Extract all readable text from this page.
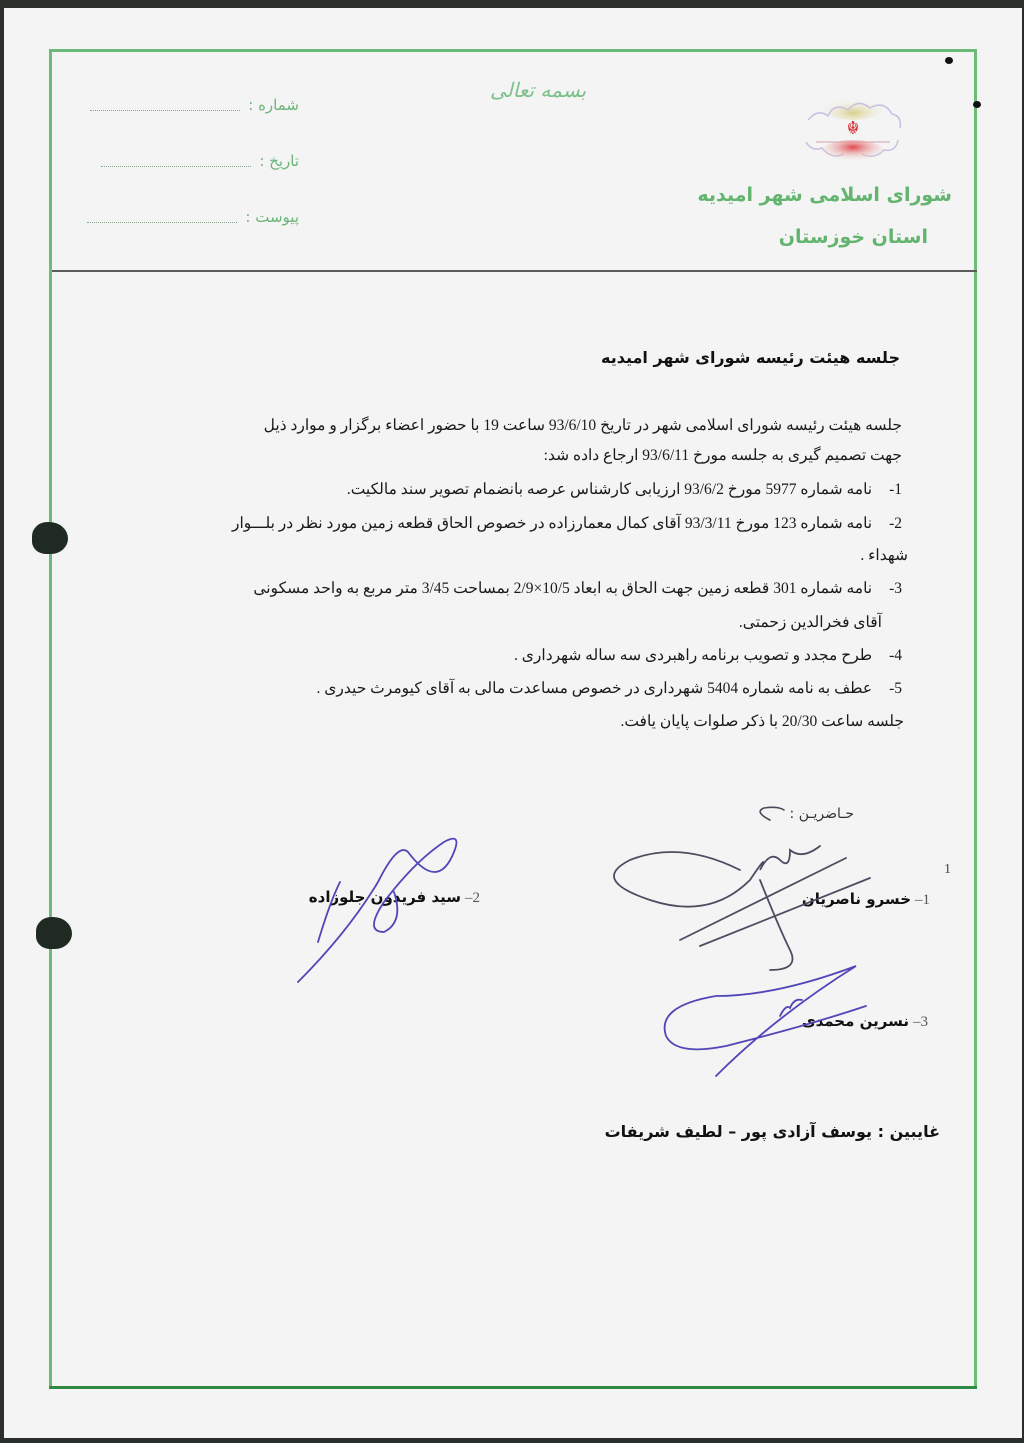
بسمه تعالی
شماره :
تاریخ :
پیوست :
☬
شورای اسلامی شهر امیدیه
استان خوزستان
جلسه هیئت رئیسه شورای شهر امیدیه
جلسه هیئت رئیسه شورای اسلامی شهر در تاریخ 93/6/10 ساعت 19 با حضور اعضاء برگزار و موارد ذیل
جهت تصمیم گیری به جلسه مورخ 93/6/11 ارجاع داده شد:
1- نامه شماره 5977 مورخ 93/6/2 ارزیابی کارشناس عرصه بانضمام تصویر سند مالکیت.
2- نامه شماره 123 مورخ 93/3/11 آقای کمال معمارزاده در خصوص الحاق قطعه زمین مورد نظر در بلـــوار
شهداء .
3- نامه شماره 301 قطعه زمین جهت الحاق به ابعاد 10/5×2/9 بمساحت 3/45 متر مربع به واحد مسکونی
آقای فخرالدین زحمتی.
4- طرح مجدد و تصویب برنامه راهبردی سه ساله شهرداری .
5- عطف به نامه شماره 5404 شهرداری در خصوص مساعدت مالی به آقای کیومرث حیدری .
جلسه ساعت 20/30 با ذکر صلوات پایان یافت.
حـاضریـن :
1
1–خسرو ناصریان
2–سید فریدون جلوزاده
3–نسرین محمدی
غایبین : یوسف آزادی پور – لطیف شریفات
